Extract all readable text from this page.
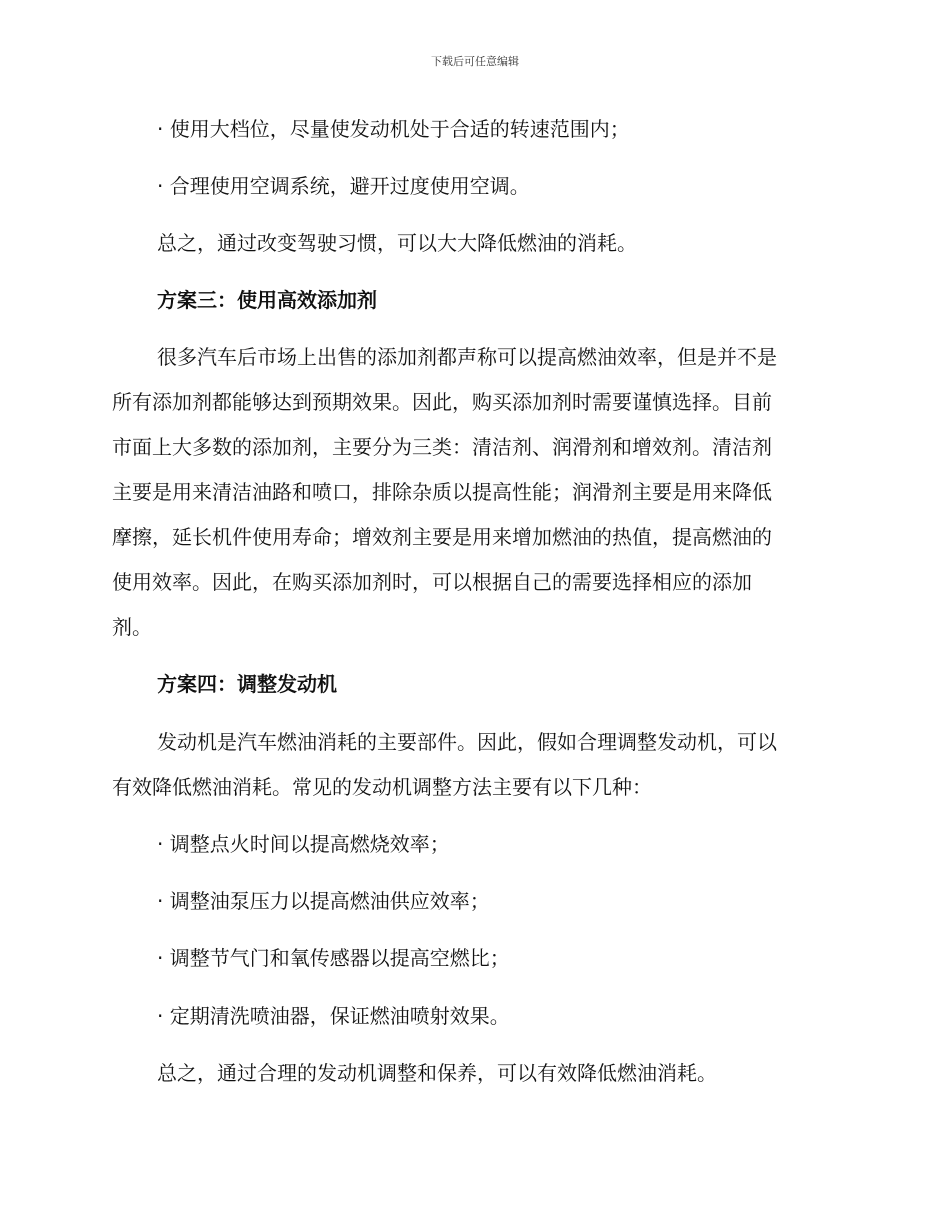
下载后可任意编辑
· 使用大档位，尽量使发动机处于合适的转速范围内；
· 合理使用空调系统，避开过度使用空调。
总之，通过改变驾驶习惯，可以大大降低燃油的消耗。
方案三：使用高效添加剂
很多汽车后市场上出售的添加剂都声称可以提高燃油效率，但是并不是
所有添加剂都能够达到预期效果。因此，购买添加剂时需要谨慎选择。目前
市面上大多数的添加剂，主要分为三类：清洁剂、润滑剂和增效剂。清洁剂
主要是用来清洁油路和喷口，排除杂质以提高性能；润滑剂主要是用来降低
摩擦，延长机件使用寿命；增效剂主要是用来增加燃油的热值，提高燃油的
使用效率。因此，在购买添加剂时，可以根据自己的需要选择相应的添加
剂。
方案四：调整发动机
发动机是汽车燃油消耗的主要部件。因此，假如合理调整发动机，可以
有效降低燃油消耗。常见的发动机调整方法主要有以下几种：
· 调整点火时间以提高燃烧效率；
· 调整油泵压力以提高燃油供应效率；
· 调整节气门和氧传感器以提高空燃比；
· 定期清洗喷油器，保证燃油喷射效果。
总之，通过合理的发动机调整和保养，可以有效降低燃油消耗。
